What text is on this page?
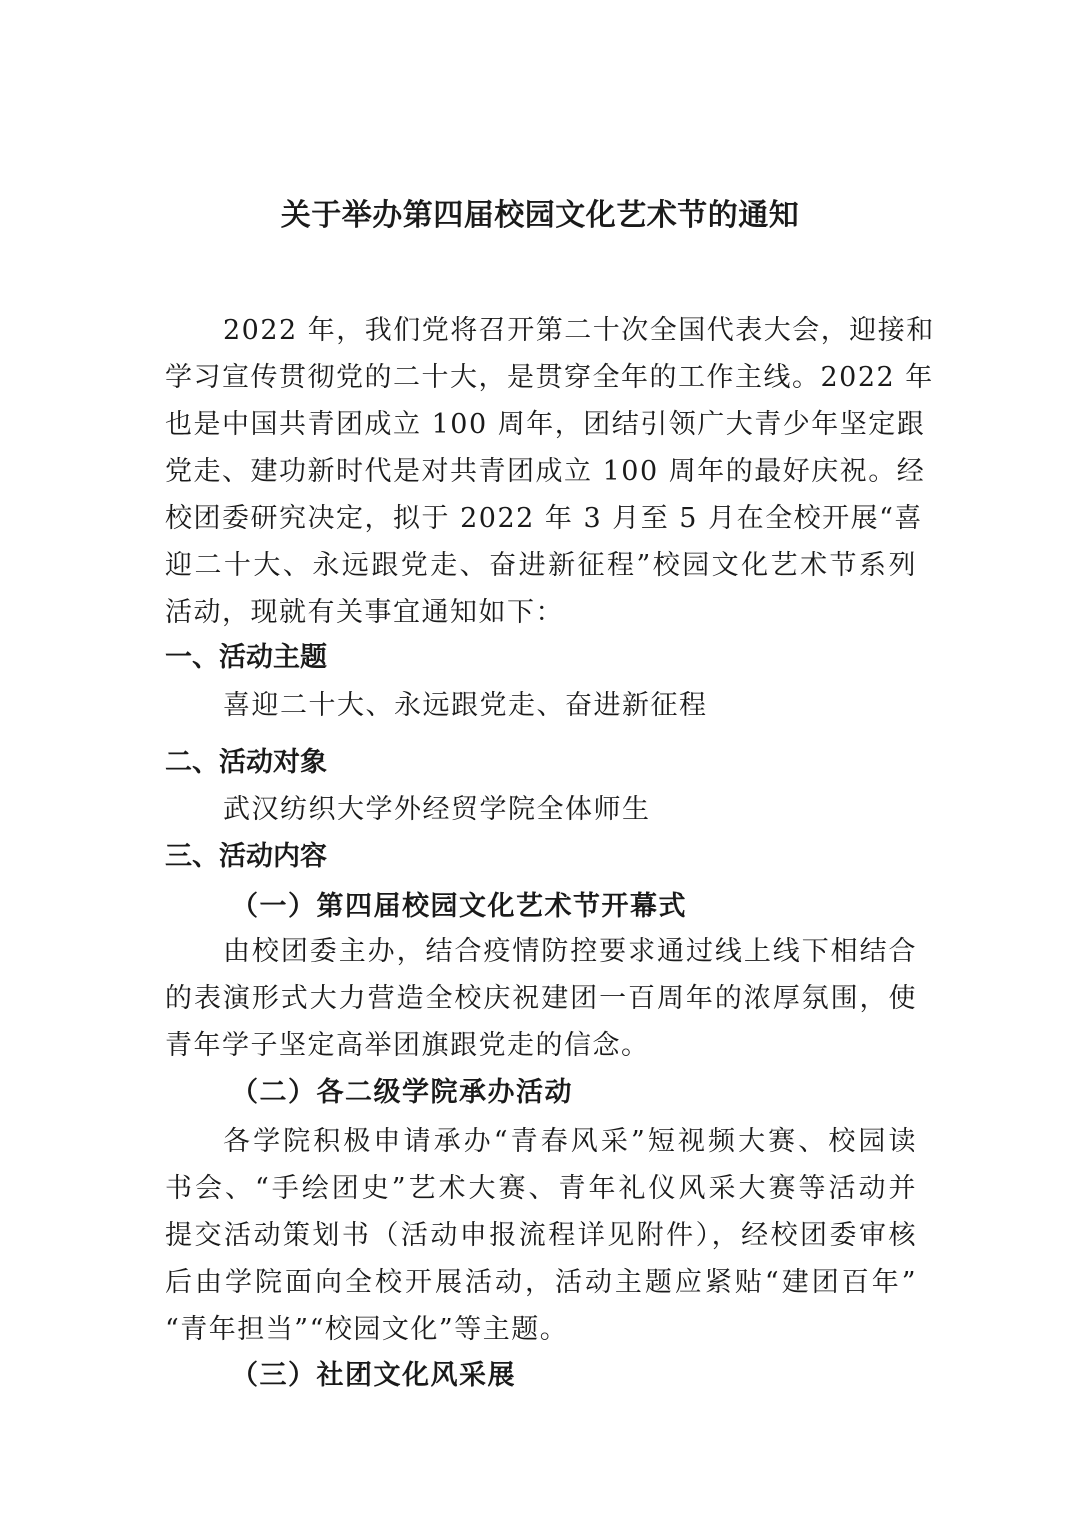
关于举办第四届校园文化艺术节的通知
2022 年，我们党将召开第二十次全国代表大会，迎接和
学习宣传贯彻党的二十大，是贯穿全年的工作主线。2022 年
也是中国共青团成立 100 周年，团结引领广大青少年坚定跟
党走、建功新时代是对共青团成立 100 周年的最好庆祝。经
校团委研究决定，拟于 2022 年 3 月至 5 月在全校开展“喜
迎二十大、永远跟党走、奋进新征程”校园文化艺术节系列
活动，现就有关事宜通知如下：
一、活动主题
喜迎二十大、永远跟党走、奋进新征程
二、活动对象
武汉纺织大学外经贸学院全体师生
三、活动内容
（一）第四届校园文化艺术节开幕式
由校团委主办，结合疫情防控要求通过线上线下相结合
的表演形式大力营造全校庆祝建团一百周年的浓厚氛围，使
青年学子坚定高举团旗跟党走的信念。
（二）各二级学院承办活动
各学院积极申请承办“青春风采”短视频大赛、校园读
书会、“手绘团史”艺术大赛、青年礼仪风采大赛等活动并
提交活动策划书（活动申报流程详见附件），经校团委审核
后由学院面向全校开展活动，活动主题应紧贴“建团百年”
“青年担当”“校园文化”等主题。
（三）社团文化风采展
